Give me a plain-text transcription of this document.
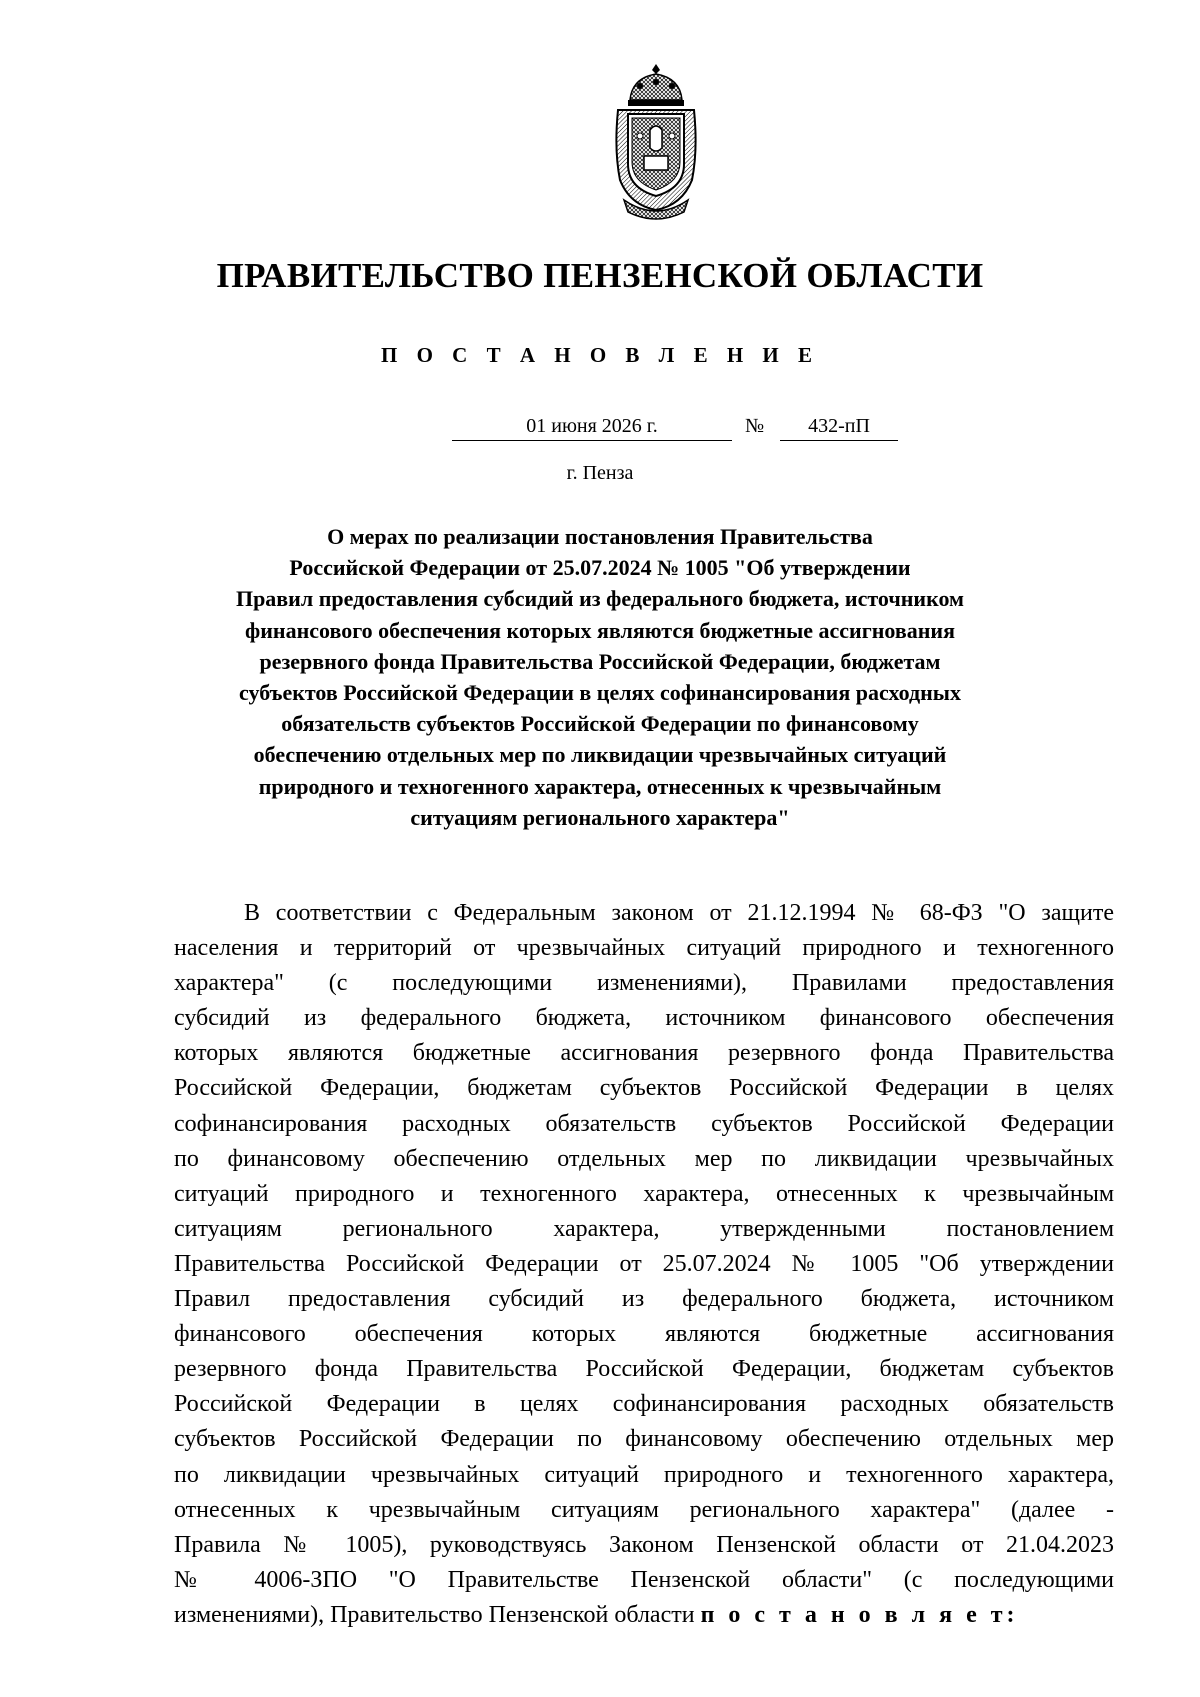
ПРАВИТЕЛЬСТВО ПЕНЗЕНСКОЙ ОБЛАСТИ
П О С Т А Н О В Л Е Н И Е
01 июня 2026 г.	№	432-пП
г. Пенза
О мерах по реализации постановления Правительства
Российской Федерации от 25.07.2024 № 1005 "Об утверждении
Правил предоставления субсидий из федерального бюджета, источником
финансового обеспечения которых являются бюджетные ассигнования
резервного фонда Правительства Российской Федерации, бюджетам
субъектов Российской Федерации в целях софинансирования расходных
обязательств субъектов Российской Федерации по финансовому
обеспечению отдельных мер по ликвидации чрезвычайных ситуаций
природного и техногенного характера, отнесенных к чрезвычайным
ситуациям регионального характера"
В соответствии с Федеральным законом от 21.12.1994 № 68-ФЗ "О защите
населения и территорий от чрезвычайных ситуаций природного и техногенного
характера" (с последующими изменениями), Правилами предоставления
субсидий из федерального бюджета, источником финансового обеспечения
которых являются бюджетные ассигнования резервного фонда Правительства
Российской Федерации, бюджетам субъектов Российской Федерации в целях
софинансирования расходных обязательств субъектов Российской Федерации
по финансовому обеспечению отдельных мер по ликвидации чрезвычайных
ситуаций природного и техногенного характера, отнесенных к чрезвычайным
ситуациям регионального характера, утвержденными постановлением
Правительства Российской Федерации от 25.07.2024 № 1005 "Об утверждении
Правил предоставления субсидий из федерального бюджета, источником
финансового обеспечения которых являются бюджетные ассигнования
резервного фонда Правительства Российской Федерации, бюджетам субъектов
Российской Федерации в целях софинансирования расходных обязательств
субъектов Российской Федерации по финансовому обеспечению отдельных мер
по ликвидации чрезвычайных ситуаций природного и техногенного характера,
отнесенных к чрезвычайным ситуациям регионального характера" (далее -
Правила № 1005), руководствуясь Законом Пензенской области от 21.04.2023
№ 4006-ЗПО "О Правительстве Пензенской области" (с последующими
изменениями), Правительство Пензенской области п о с т а н о в л я е т:
